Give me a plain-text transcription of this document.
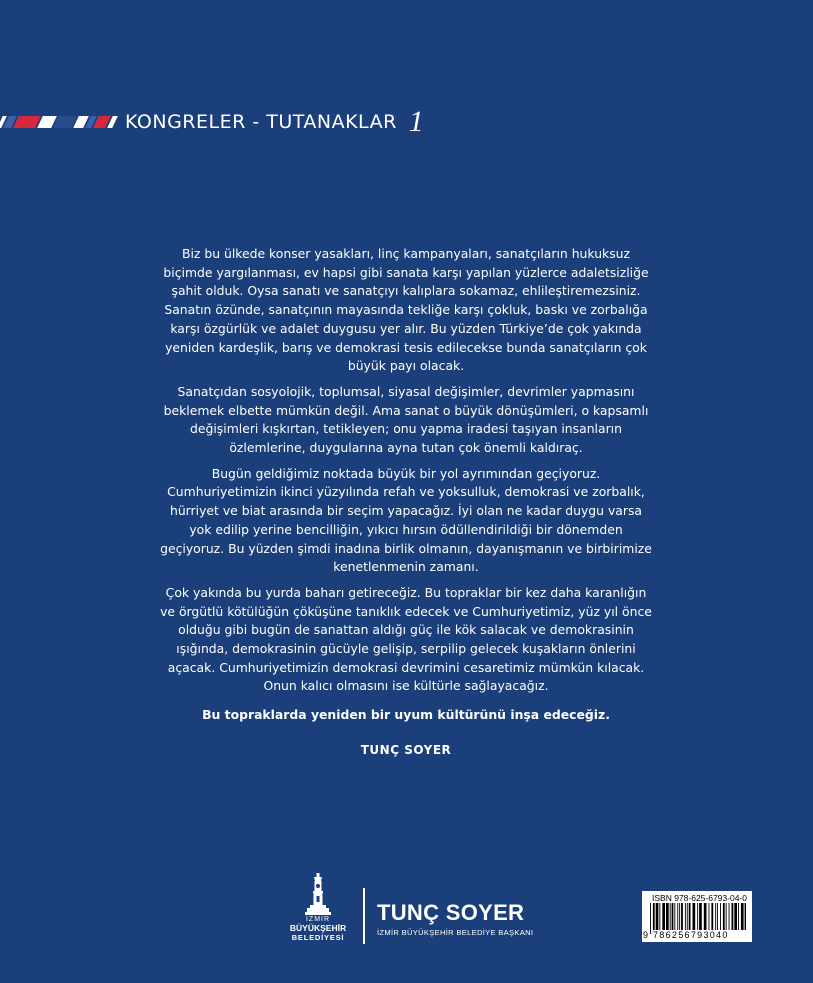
KONGRELER - TUTANAKLAR 1

Biz bu ülkede konser yasakları, linç kampanyaları, sanatçıların hukuksuz biçimde yargılanması, ev hapsi gibi sanata karşı yapılan yüzlerce adaletsizliğe şahit olduk. Oysa sanatı ve sanatçıyı kalıplara sokamaz, ehlileştiremezsiniz. Sanatın özünde, sanatçının mayasında tekliğe karşı çokluk, baskı ve zorbalığa karşı özgürlük ve adalet duygusu yer alır. Bu yüzden Türkiye’de çok yakında yeniden kardeşlik, barış ve demokrasi tesis edilecekse bunda sanatçıların çok büyük payı olacak.

Sanatçıdan sosyolojik, toplumsal, siyasal değişimler, devrimler yapmasını beklemek elbette mümkün değil. Ama sanat o büyük dönüşümleri, o kapsamlı değişimleri kışkırtan, tetikleyen; onu yapma iradesi taşıyan insanların özlemlerine, duygularına ayna tutan çok önemli kaldıraç.

Bugün geldiğimiz noktada büyük bir yol ayrımından geçiyoruz. Cumhuriyetimizin ikinci yüzyılında refah ve yoksulluk, demokrasi ve zorbalık, hürriyet ve biat arasında bir seçim yapacağız. İyi olan ne kadar duygu varsa yok edilip yerine bencilliğin, yıkıcı hırsın ödüllendirildiği bir dönemden geçiyoruz. Bu yüzden şimdi inadına birlik olmanın, dayanışmanın ve birbirimize kenetlenmenin zamanı.

Çok yakında bu yurda baharı getireceğiz. Bu topraklar bir kez daha karanlığın ve örgütlü kötülüğün çöküşüne tanıklık edecek ve Cumhuriyetimiz, yüz yıl önce olduğu gibi bugün de sanattan aldığı güç ile kök salacak ve demokrasinin ışığında, demokrasinin gücüyle gelişip, serpilip gelecek kuşakların önlerini açacak. Cumhuriyetimizin demokrasi devrimini cesaretimiz mümkün kılacak. Onun kalıcı olmasını ise kültürle sağlayacağız.

Bu topraklarda yeniden bir uyum kültürünü inşa edeceğiz.

TUNÇ SOYER

İZMİR
BÜYÜKŞEHİR
BELEDİYESİ
TUNÇ SOYER
İZMİR BÜYÜKŞEHİR BELEDİYE BAŞKANI
ISBN 978-625-6793-04-0
9 786256793040
